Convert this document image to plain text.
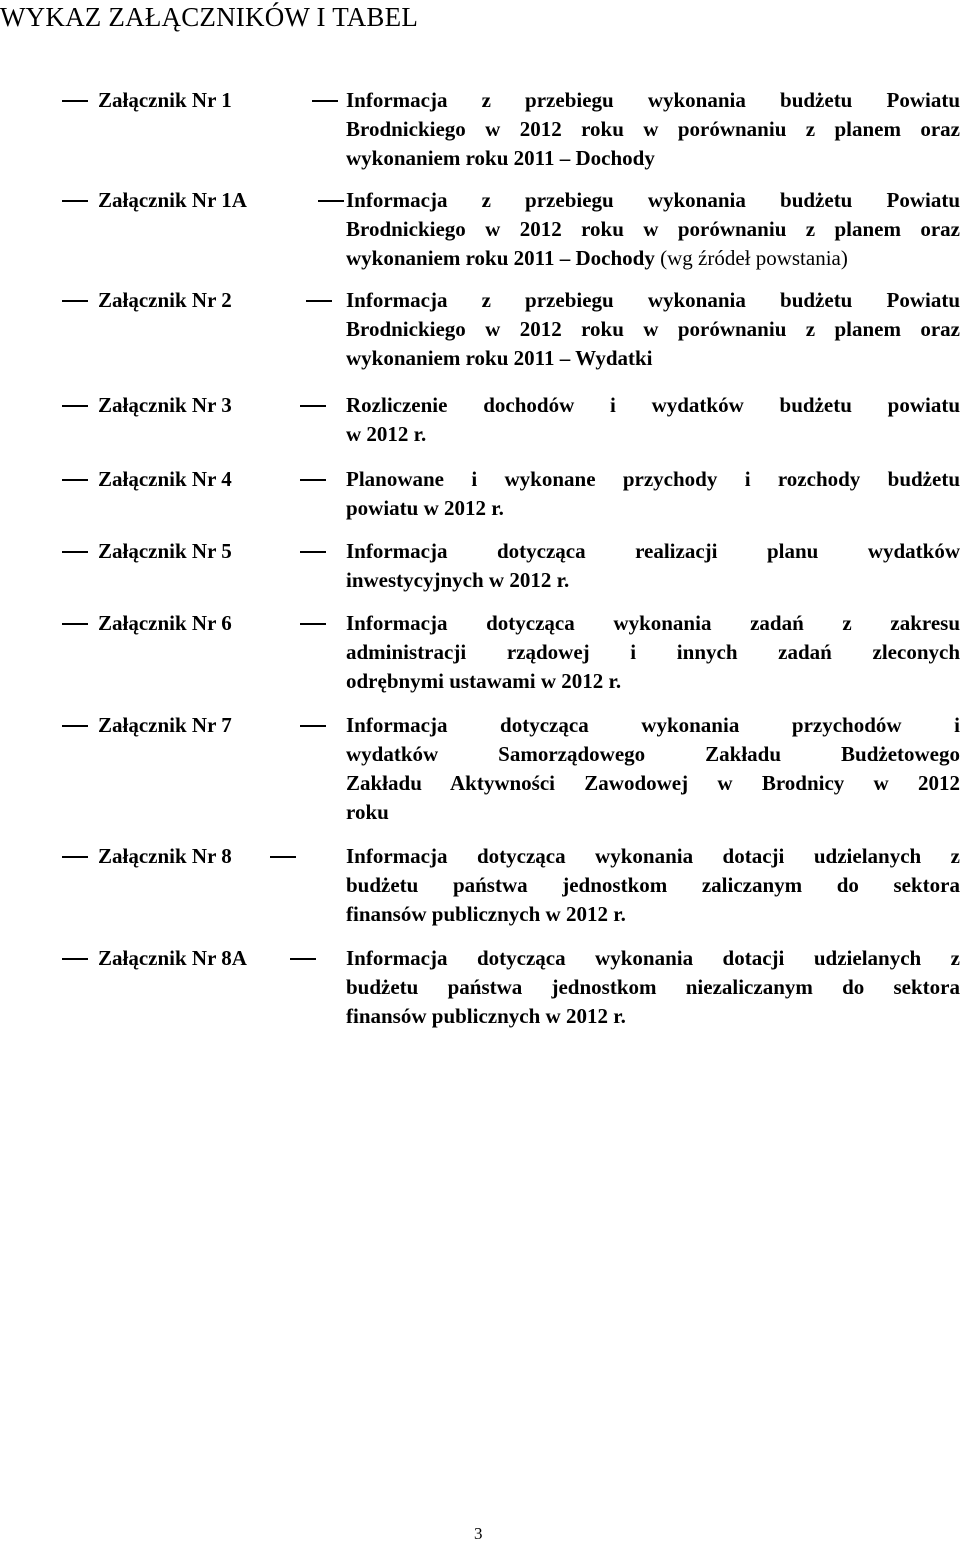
WYKAZ ZAŁĄCZNIKÓW I TABEL
Załącznik Nr 1	Informacja z przebiegu wykonania budżetu Powiatu
Brodnickiego w 2012 roku w porównaniu z planem oraz
wykonaniem roku 2011 – Dochody
Załącznik Nr 1A	Informacja z przebiegu wykonania budżetu Powiatu
Brodnickiego w 2012 roku w porównaniu z planem oraz
wykonaniem roku 2011 – Dochody (wg źródeł powstania)
Załącznik Nr 2	Informacja z przebiegu wykonania budżetu Powiatu
Brodnickiego w 2012 roku w porównaniu z planem oraz
wykonaniem roku 2011 – Wydatki
Załącznik Nr 3	Rozliczenie dochodów i wydatków budżetu powiatu
w 2012 r.
Załącznik Nr 4	Planowane i wykonane przychody i rozchody budżetu
powiatu w 2012 r.
Załącznik Nr 5	Informacja dotycząca realizacji planu wydatków
inwestycyjnych w 2012 r.
Załącznik Nr 6	Informacja dotycząca wykonania zadań z zakresu
administracji rządowej i innych zadań zleconych
odrębnymi ustawami w 2012 r.
Załącznik Nr 7	Informacja dotycząca wykonania przychodów i
wydatków Samorządowego Zakładu Budżetowego
Zakładu Aktywności Zawodowej w Brodnicy w 2012
roku
Załącznik Nr 8	Informacja dotycząca wykonania dotacji udzielanych z
budżetu państwa jednostkom zaliczanym do sektora
finansów publicznych w 2012 r.
Załącznik Nr 8A	Informacja dotycząca wykonania dotacji udzielanych z
budżetu państwa jednostkom niezaliczanym do sektora
finansów publicznych w 2012 r.
3
